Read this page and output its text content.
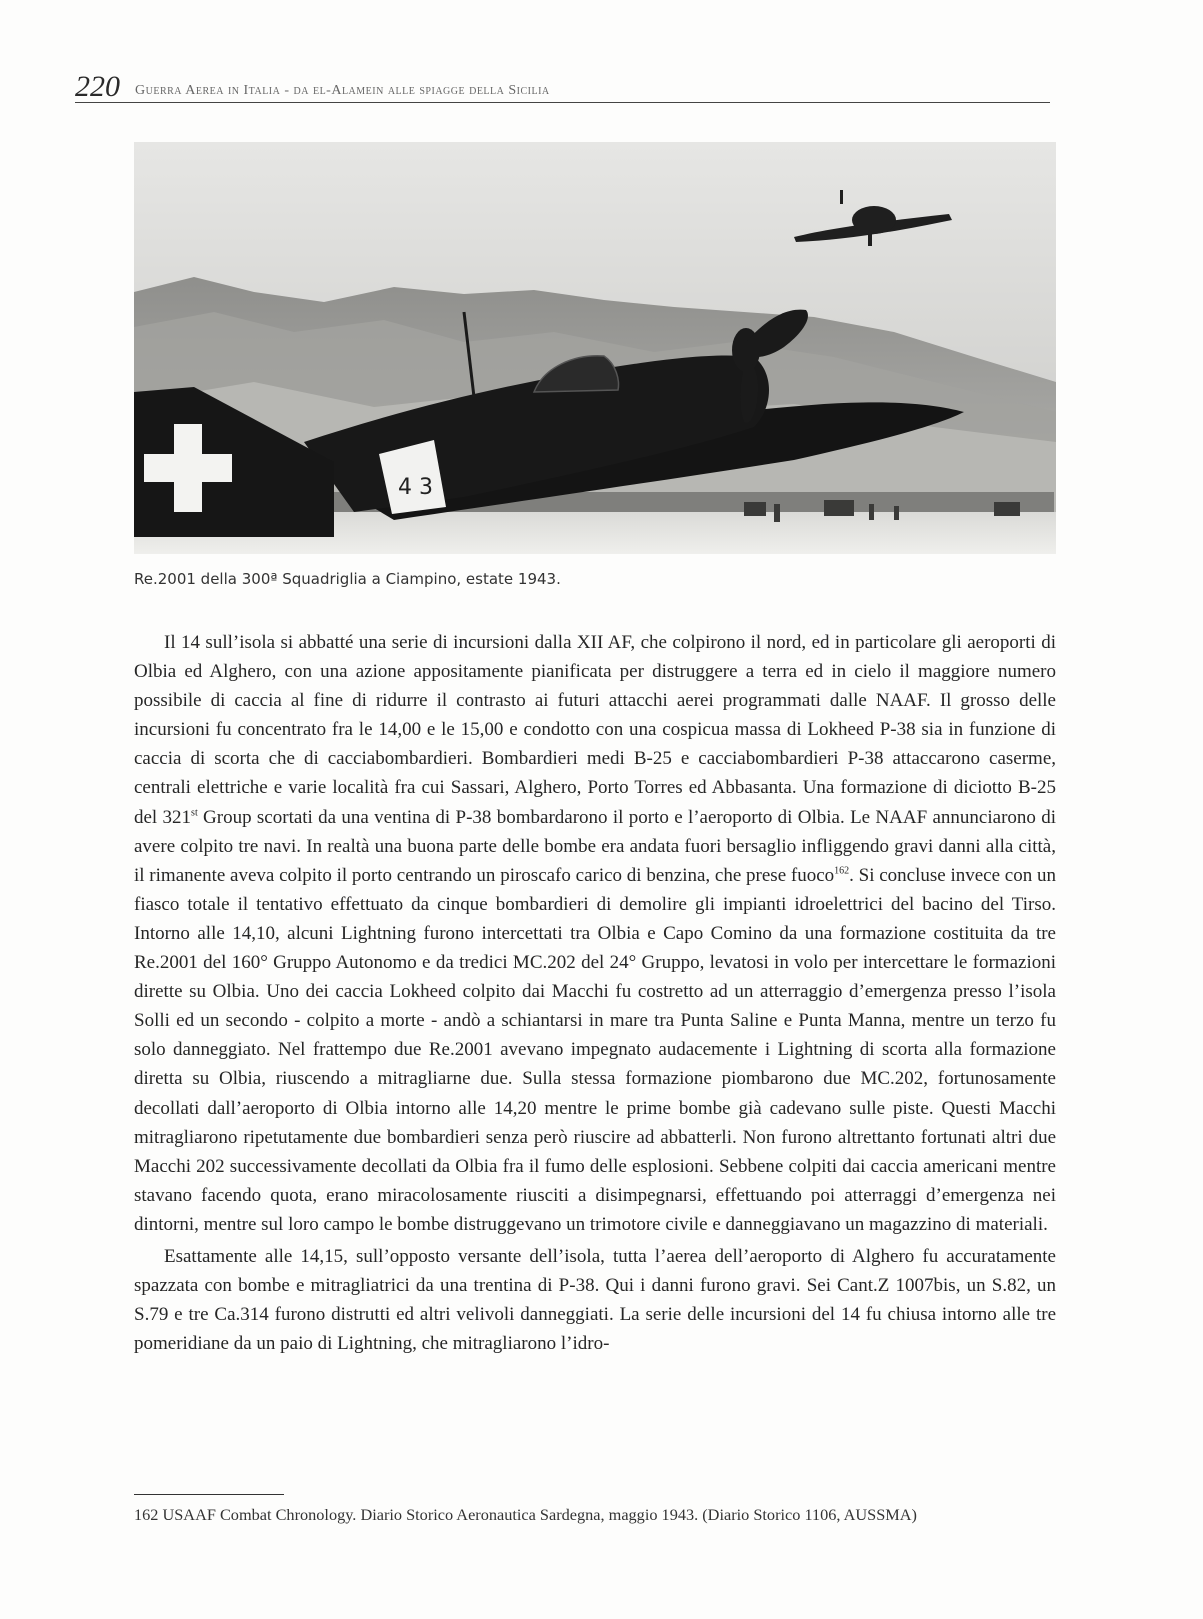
220 Guerra Aerea in Italia - da el-Alamein alle spiagge della Sicilia
4 3
Re.2001 della 300ª Squadriglia a Ciampino, estate 1943.

Il 14 sull’isola si abbatté una serie di incursioni dalla XII AF, che colpirono il nord, ed in particolare gli aeroporti di Olbia ed Alghero, con una azione appositamente pianificata per distruggere a terra ed in cielo il maggiore numero possibile di caccia al fine di ridurre il contrasto ai futuri attacchi aerei programmati dalle NAAF. Il grosso delle incursioni fu concentrato fra le 14,00 e le 15,00 e condotto con una cospicua massa di Lokheed P-38 sia in funzione di caccia di scorta che di cacciabombardieri. Bombardieri medi B-25 e cacciabombardieri P-38 attaccarono caserme, centrali elettriche e varie località fra cui Sassari, Alghero, Porto Torres ed Abbasanta. Una formazione di diciotto B-25 del 321st Group scortati da una ventina di P-38 bombardarono il porto e l’aeroporto di Olbia. Le NAAF annunciarono di avere colpito tre navi. In realtà una buona parte delle bombe era andata fuori bersaglio infliggendo gravi danni alla città, il rimanente aveva colpito il porto centrando un piroscafo carico di benzina, che prese fuoco$^{162}$. Si concluse invece con un fiasco totale il tentativo effettuato da cinque bombardieri di demolire gli impianti idroelettrici del bacino del Tirso. Intorno alle 14,10, alcuni Lightning furono intercettati tra Olbia e Capo Comino da una formazione costituita da tre Re.2001 del 160° Gruppo Autonomo e da tredici MC.202 del 24° Gruppo, levatosi in volo per intercettare le formazioni dirette su Olbia. Uno dei caccia Lokheed colpito dai Macchi fu costretto ad un atterraggio d’emergenza presso l’isola Solli ed un secondo - colpito a morte - andò a schiantarsi in mare tra Punta Saline e Punta Manna, mentre un terzo fu solo danneggiato. Nel frattempo due Re.2001 avevano impegnato audacemente i Lightning di scorta alla formazione diretta su Olbia, riuscendo a mitragliarne due. Sulla stessa formazione piombarono due MC.202, fortunosamente decollati dall’aeroporto di Olbia intorno alle 14,20 mentre le prime bombe già cadevano sulle piste. Questi Macchi mitragliarono ripetutamente due bombardieri senza però riuscire ad abbatterli. Non furono altrettanto fortunati altri due Macchi 202 successivamente decollati da Olbia fra il fumo delle esplosioni. Sebbene colpiti dai caccia americani mentre stavano facendo quota, erano miracolosamente riusciti a disimpegnarsi, effettuando poi atterraggi d’emergenza nei dintorni, mentre sul loro campo le bombe distruggevano un trimotore civile e danneggiavano un magazzino di materiali.

Esattamente alle 14,15, sull’opposto versante dell’isola, tutta l’aerea dell’aeroporto di Alghero fu accuratamente spazzata con bombe e mitragliatrici da una trentina di P-38. Qui i danni furono gravi. Sei Cant.Z 1007bis, un S.82, un S.79 e tre Ca.314 furono distrutti ed altri velivoli danneggiati. La serie delle incursioni del 14 fu chiusa intorno alle tre pomeridiane da un paio di Lightning, che mitragliarono l’idro-

162 USAAF Combat Chronology. Diario Storico Aeronautica Sardegna, maggio 1943. (Diario Storico 1106, AUSSMA)
